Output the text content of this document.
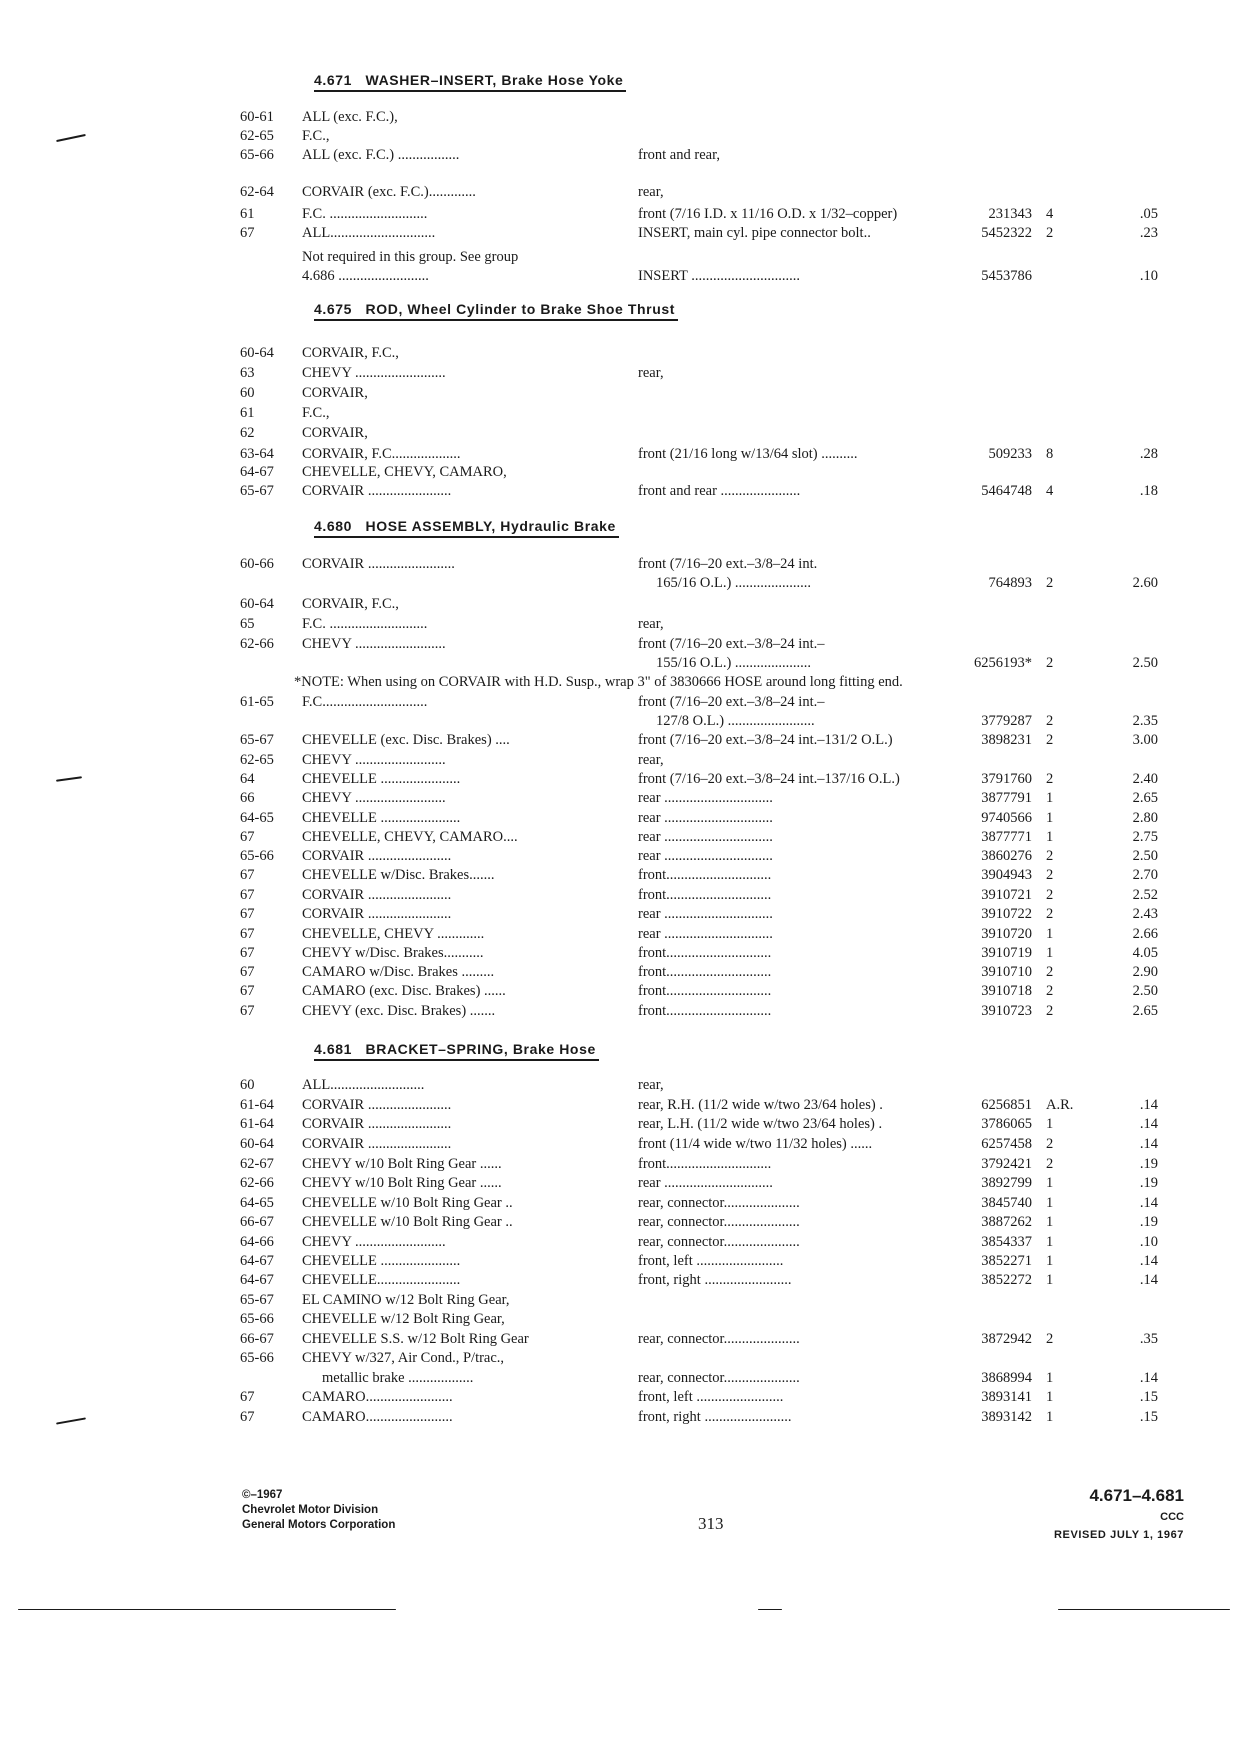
4.671 WASHER–INSERT, Brake Hose Yoke
60-61 ALL (exc. F.C.),
62-65 F.C.,
65-66 ALL (exc. F.C.) .................	front and rear,
62-64 CORVAIR (exc. F.C.).............	rear,
61	F.C. ...........................	front (7/16 I.D. x 11/16 O.D. x 1/32–copper)	231343 4	.05
67	ALL.............................	INSERT, main cyl. pipe connector bolt..	5452322 2	.23
Not required in this group. See group
4.686 .........................	INSERT ..............................	5453786	.10
4.675 ROD, Wheel Cylinder to Brake Shoe Thrust
60-64 CORVAIR, F.C.,
63	CHEVY .........................	rear,
60	CORVAIR,
61	F.C.,
62	CORVAIR,
63-64 CORVAIR, F.C...................	front (21/16 long w/13/64 slot) ..........	509233 8	.28
64-67 CHEVELLE, CHEVY, CAMARO,
65-67 CORVAIR .......................	front and rear ......................	5464748 4	.18
4.680 HOSE ASSEMBLY, Hydraulic Brake
60-66 CORVAIR ........................	front (7/16–20 ext.–3/8–24 int.
165/16 O.L.) .....................	764893 2	2.60
60-64 CORVAIR, F.C.,
65	F.C. ...........................	rear,
62-66 CHEVY .........................	front (7/16–20 ext.–3/8–24 int.–
155/16 O.L.) .....................	6256193* 2	2.50
*NOTE: When using on CORVAIR with H.D. Susp., wrap 3" of 3830666 HOSE around long fitting end.
61-65 F.C.............................	front (7/16–20 ext.–3/8–24 int.–
127/8 O.L.) ........................	3779287 2	2.35
65-67 CHEVELLE (exc. Disc. Brakes) ....	front (7/16–20 ext.–3/8–24 int.–131/2 O.L.)	3898231 2	3.00
62-65 CHEVY .........................	rear,
64	CHEVELLE ......................	front (7/16–20 ext.–3/8–24 int.–137/16 O.L.)	3791760 2	2.40
66	CHEVY .........................	rear ..............................	3877791 1	2.65
64-65 CHEVELLE ......................	rear ..............................	9740566 1	2.80
67	CHEVELLE, CHEVY, CAMARO....	rear ..............................	3877771 1	2.75
65-66 CORVAIR .......................	rear ..............................	3860276 2	2.50
67	CHEVELLE w/Disc. Brakes.......	front.............................	3904943 2	2.70
67	CORVAIR .......................	front.............................	3910721 2	2.52
67	CORVAIR .......................	rear ..............................	3910722 2	2.43
67	CHEVELLE, CHEVY .............	rear ..............................	3910720 1	2.66
67	CHEVY w/Disc. Brakes...........	front.............................	3910719 1	4.05
67	CAMARO w/Disc. Brakes .........	front.............................	3910710 2	2.90
67	CAMARO (exc. Disc. Brakes) ......	front.............................	3910718 2	2.50
67	CHEVY (exc. Disc. Brakes) .......	front.............................	3910723 2	2.65
4.681 BRACKET–SPRING, Brake Hose
60	ALL..........................	rear,
61-64 CORVAIR .......................	rear, R.H. (11/2 wide w/two 23/64 holes) .	6256851 A.R.	.14
61-64 CORVAIR .......................	rear, L.H. (11/2 wide w/two 23/64 holes) .	3786065 1	.14
60-64 CORVAIR .......................	front (11/4 wide w/two 11/32 holes) ......	6257458 2	.14
62-67 CHEVY w/10 Bolt Ring Gear ......	front.............................	3792421 2	.19
62-66 CHEVY w/10 Bolt Ring Gear ......	rear ..............................	3892799 1	.19
64-65 CHEVELLE w/10 Bolt Ring Gear ..	rear, connector.....................	3845740 1	.14
66-67 CHEVELLE w/10 Bolt Ring Gear ..	rear, connector.....................	3887262 1	.19
64-66 CHEVY .........................	rear, connector.....................	3854337 1	.10
64-67 CHEVELLE ......................	front, left ........................	3852271 1	.14
64-67 CHEVELLE.......................	front, right ........................	3852272 1	.14
65-67 EL CAMINO w/12 Bolt Ring Gear,
65-66 CHEVELLE w/12 Bolt Ring Gear,
66-67 CHEVELLE S.S. w/12 Bolt Ring Gear	rear, connector.....................	3872942 2	.35
65-66 CHEVY w/327, Air Cond., P/trac.,
metallic brake ..................	rear, connector.....................	3868994 1	.14
67	CAMARO........................	front, left ........................	3893141 1	.15
67	CAMARO........................	front, right ........................	3893142 1	.15
©–1967
Chevrolet Motor Division
General Motors Corporation	313
4.671–4.681
CCC
REVISED JULY 1, 1967
